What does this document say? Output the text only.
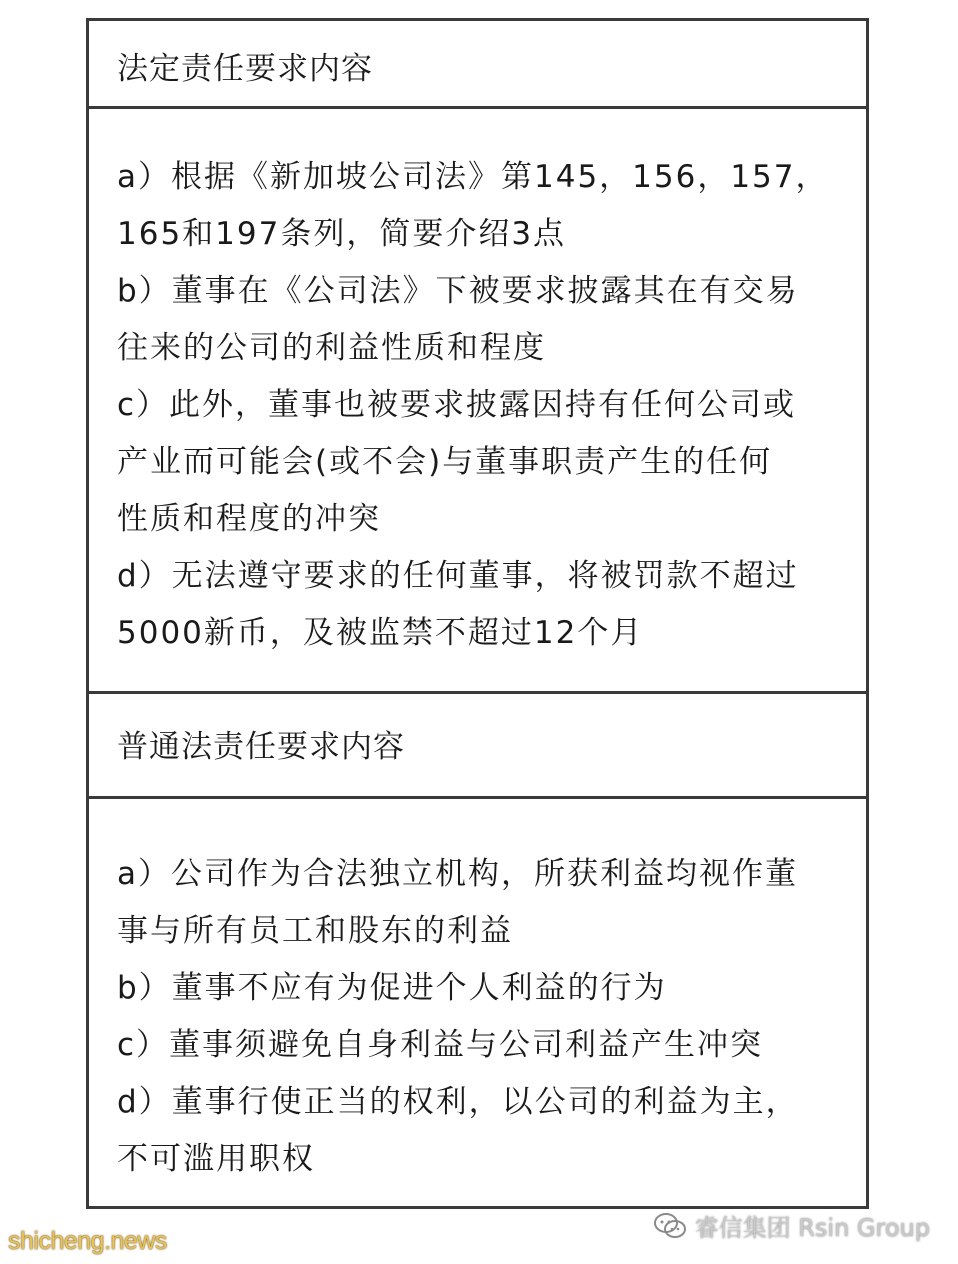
法定责任要求内容
a）根据《新加坡公司法》第145，156，157，
165和197条列，简要介绍3点
b）董事在《公司法》下被要求披露其在有交易
往来的公司的利益性质和程度
c）此外，董事也被要求披露因持有任何公司或
产业而可能会(或不会)与董事职责产生的任何
性质和程度的冲突
d）无法遵守要求的任何董事，将被罚款不超过
5000新币，及被监禁不超过12个月
普通法责任要求内容
a）公司作为合法独立机构，所获利益均视作董
事与所有员工和股东的利益
b）董事不应有为促进个人利益的行为
c）董事须避免自身利益与公司利益产生冲突
d）董事行使正当的权利，以公司的利益为主，
不可滥用职权
shicheng.news	睿信集团 Rsin Group
